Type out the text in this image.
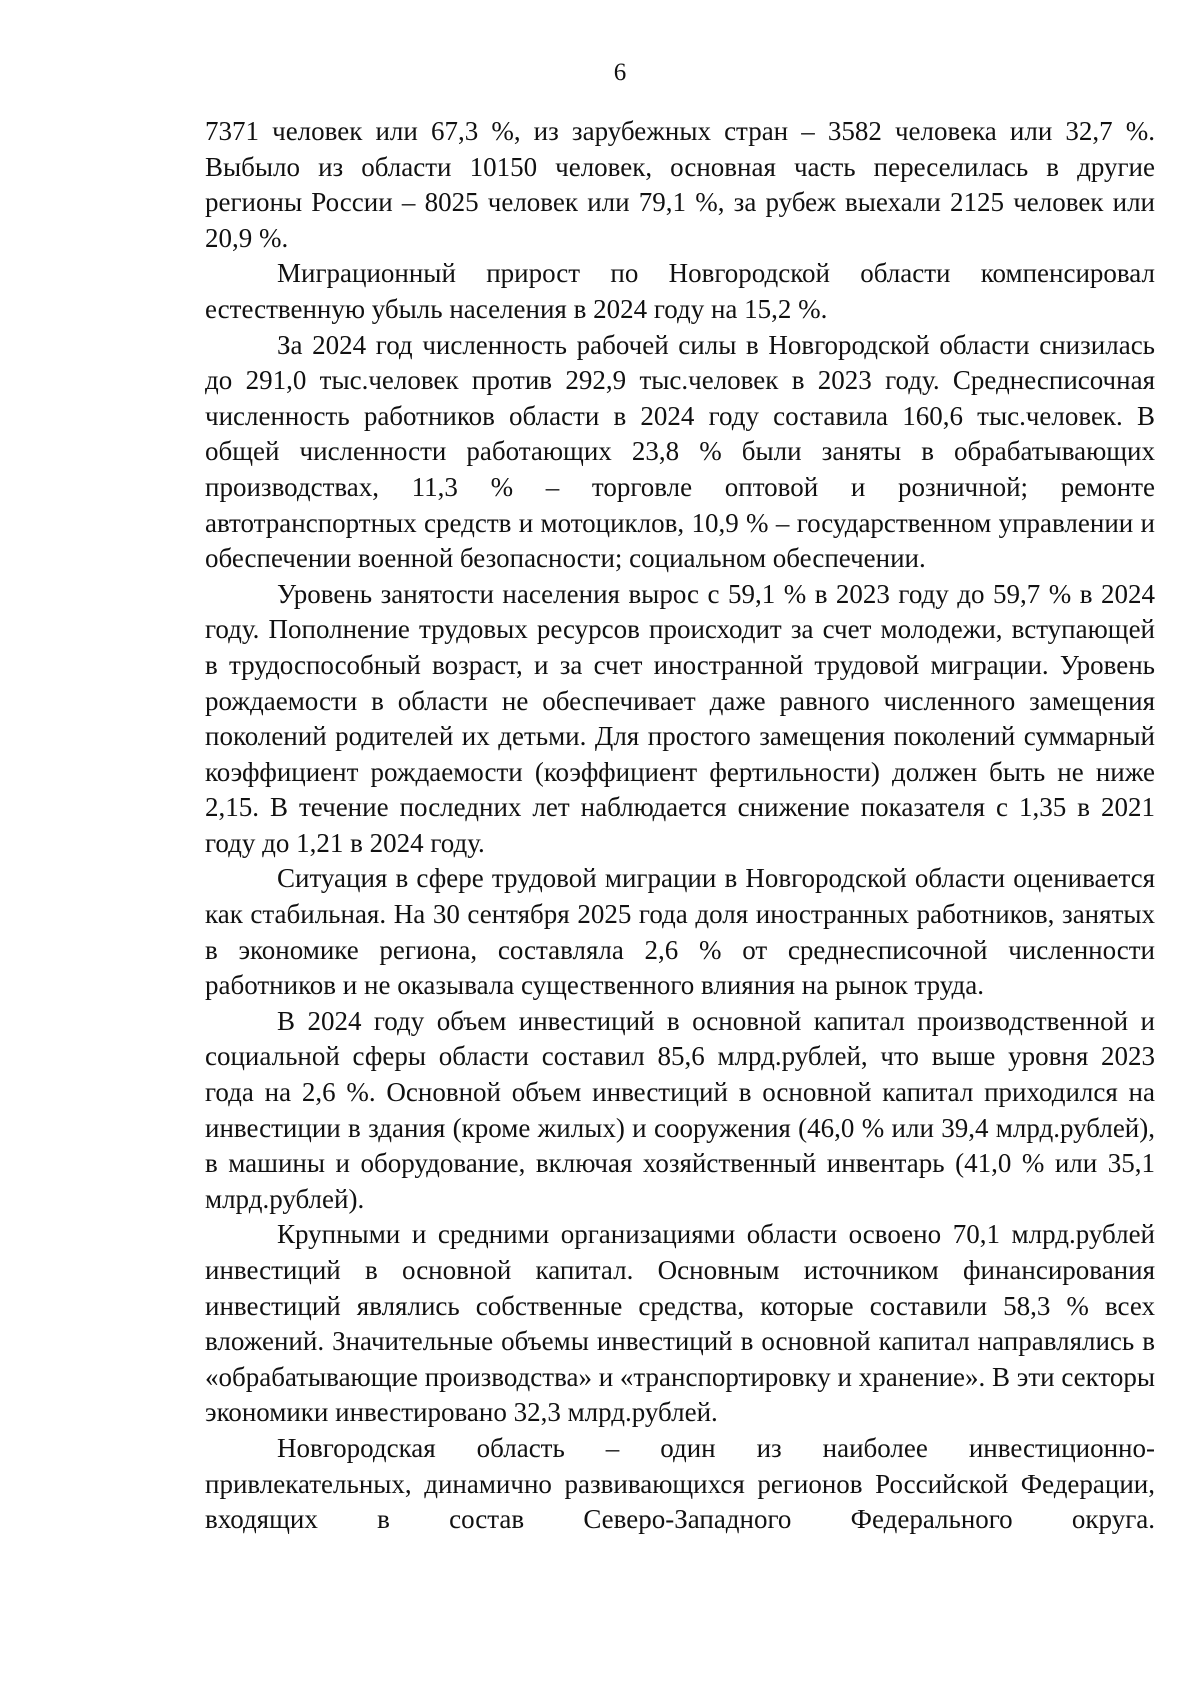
6

7371 человек или 67,3 %, из зарубежных стран – 3582 человека или 32,7 %. Выбыло из области 10150 человек, основная часть переселилась в другие регионы России – 8025 человек или 79,1 %, за рубеж выехали 2125 человек или 20,9 %.

Миграционный прирост по Новгородской области компенсировал естественную убыль населения в 2024 году на 15,2 %.

За 2024 год численность рабочей силы в Новгородской области снизилась до 291,0 тыс.человек против 292,9 тыс.человек в 2023 году. Среднесписочная численность работников области в 2024 году составила 160,6 тыс.человек. В общей численности работающих 23,8 % были заняты в обрабатывающих производствах, 11,3 % – торговле оптовой и розничной; ремонте автотранспортных средств и мотоциклов, 10,9 % – государственном управлении и обеспечении военной безопасности; социальном обеспечении.

Уровень занятости населения вырос с 59,1 % в 2023 году до 59,7 % в 2024 году. Пополнение трудовых ресурсов происходит за счет молодежи, вступающей в трудоспособный возраст, и за счет иностранной трудовой миграции. Уровень рождаемости в области не обеспечивает даже равного численного замещения поколений родителей их детьми. Для простого замещения поколений суммарный коэффициент рождаемости (коэффициент фертильности) должен быть не ниже 2,15. В течение последних лет наблюдается снижение показателя с 1,35 в 2021 году до 1,21 в 2024 году.

Ситуация в сфере трудовой миграции в Новгородской области оценивается как стабильная. На 30 сентября 2025 года доля иностранных работников, занятых в экономике региона, составляла 2,6 % от среднесписочной численности работников и не оказывала существенного влияния на рынок труда.

В 2024 году объем инвестиций в основной капитал производственной и социальной сферы области составил 85,6 млрд.рублей, что выше уровня 2023 года на 2,6 %. Основной объем инвестиций в основной капитал приходился на инвестиции в здания (кроме жилых) и сооружения (46,0 % или 39,4 млрд.рублей), в машины и оборудование, включая хозяйственный инвентарь (41,0 % или 35,1 млрд.рублей).

Крупными и средними организациями области освоено 70,1 млрд.рублей инвестиций в основной капитал. Основным источником финансирования инвестиций являлись собственные средства, которые составили 58,3 % всех вложений. Значительные объемы инвестиций в основной капитал направлялись в «обрабатывающие производства» и «транспортировку и хранение». В эти секторы экономики инвестировано 32,3 млрд.рублей.

Новгородская область – один из наиболее инвестиционно-привлекательных, динамично развивающихся регионов Российской Федерации, входящих в состав Северо-Западного Федерального округа.
